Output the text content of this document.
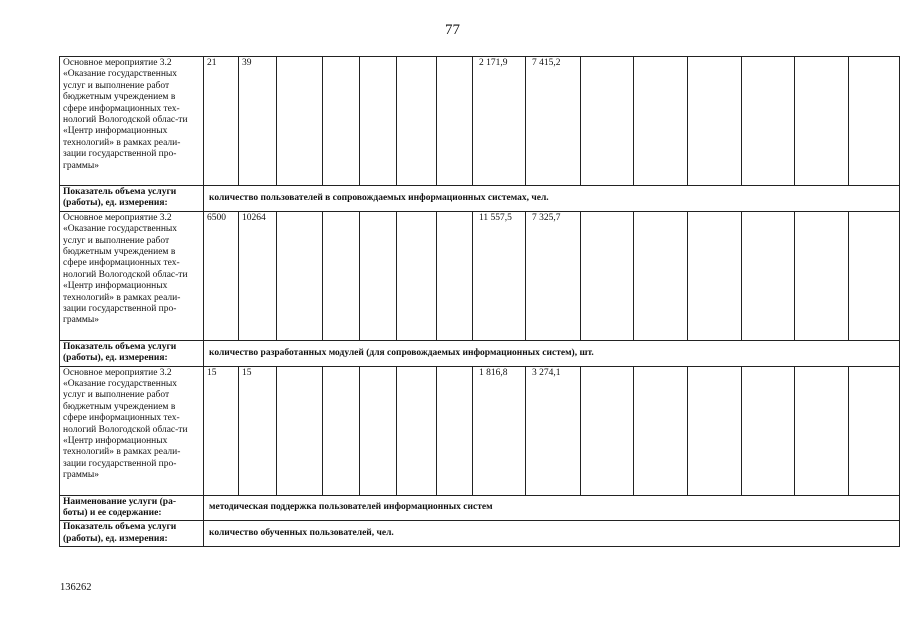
77
Основное мероприятие 3.2 «Оказание государственных услуг и выполнение работ бюджетным учреждением в сфере информационных тех-нологий Вологодской облас-ти «Центр информационных технологий» в рамках реали-зации государственной про-граммы»	21	39						2 171,9	7 415,2						
Показатель объема услуги (работы), ед. измерения:	количество пользователей в сопровождаемых информационных системах, чел.														
Основное мероприятие 3.2 «Оказание государственных услуг и выполнение работ бюджетным учреждением в сфере информационных тех-нологий Вологодской облас-ти «Центр информационных технологий» в рамках реали-зации государственной про-граммы»	6500	10264						11 557,5	7 325,7						
Показатель объема услуги (работы), ед. измерения:	количество разработанных модулей (для сопровождаемых информационных систем), шт.														
Основное мероприятие 3.2 «Оказание государственных услуг и выполнение работ бюджетным учреждением в сфере информационных тех-нологий Вологодской облас-ти «Центр информационных технологий» в рамках реали-зации государственной про-граммы»	15	15						1 816,8	3 274,1						
Наименование услуги (ра-боты) и ее содержание:	методическая поддержка пользователей информационных систем														
Показатель объема услуги (работы), ед. измерения:	количество обученных пользователей, чел.														
136262
